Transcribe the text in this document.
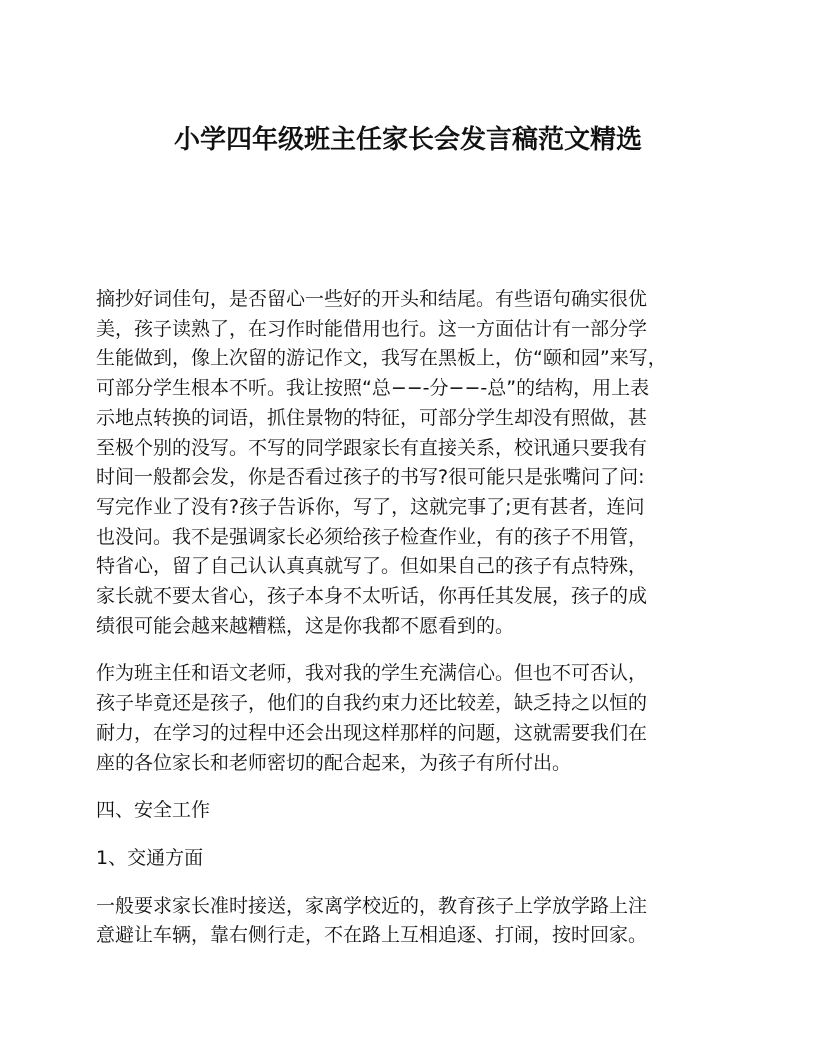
小学四年级班主任家长会发言稿范文精选

摘抄好词佳句，是否留心一些好的开头和结尾。有些语句确实很优
美，孩子读熟了，在习作时能借用也行。这一方面估计有一部分学
生能做到，像上次留的游记作文，我写在黑板上，仿“颐和园”来写，
可部分学生根本不听。我让按照“总−−-分−−-总”的结构，用上表
示地点转换的词语，抓住景物的特征，可部分学生却没有照做，甚
至极个别的没写。不写的同学跟家长有直接关系，校讯通只要我有
时间一般都会发，你是否看过孩子的书写?很可能只是张嘴问了问:
写完作业了没有?孩子告诉你，写了，这就完事了;更有甚者，连问
也没问。我不是强调家长必须给孩子检查作业，有的孩子不用管，
特省心，留了自己认认真真就写了。但如果自己的孩子有点特殊，
家长就不要太省心，孩子本身不太听话，你再任其发展，孩子的成
绩很可能会越来越糟糕，这是你我都不愿看到的。

作为班主任和语文老师，我对我的学生充满信心。但也不可否认，
孩子毕竟还是孩子，他们的自我约束力还比较差，缺乏持之以恒的
耐力，在学习的过程中还会出现这样那样的问题，这就需要我们在
座的各位家长和老师密切的配合起来，为孩子有所付出。

四、安全工作

1、交通方面

一般要求家长准时接送，家离学校近的，教育孩子上学放学路上注
意避让车辆，靠右侧行走，不在路上互相追逐、打闹，按时回家。
